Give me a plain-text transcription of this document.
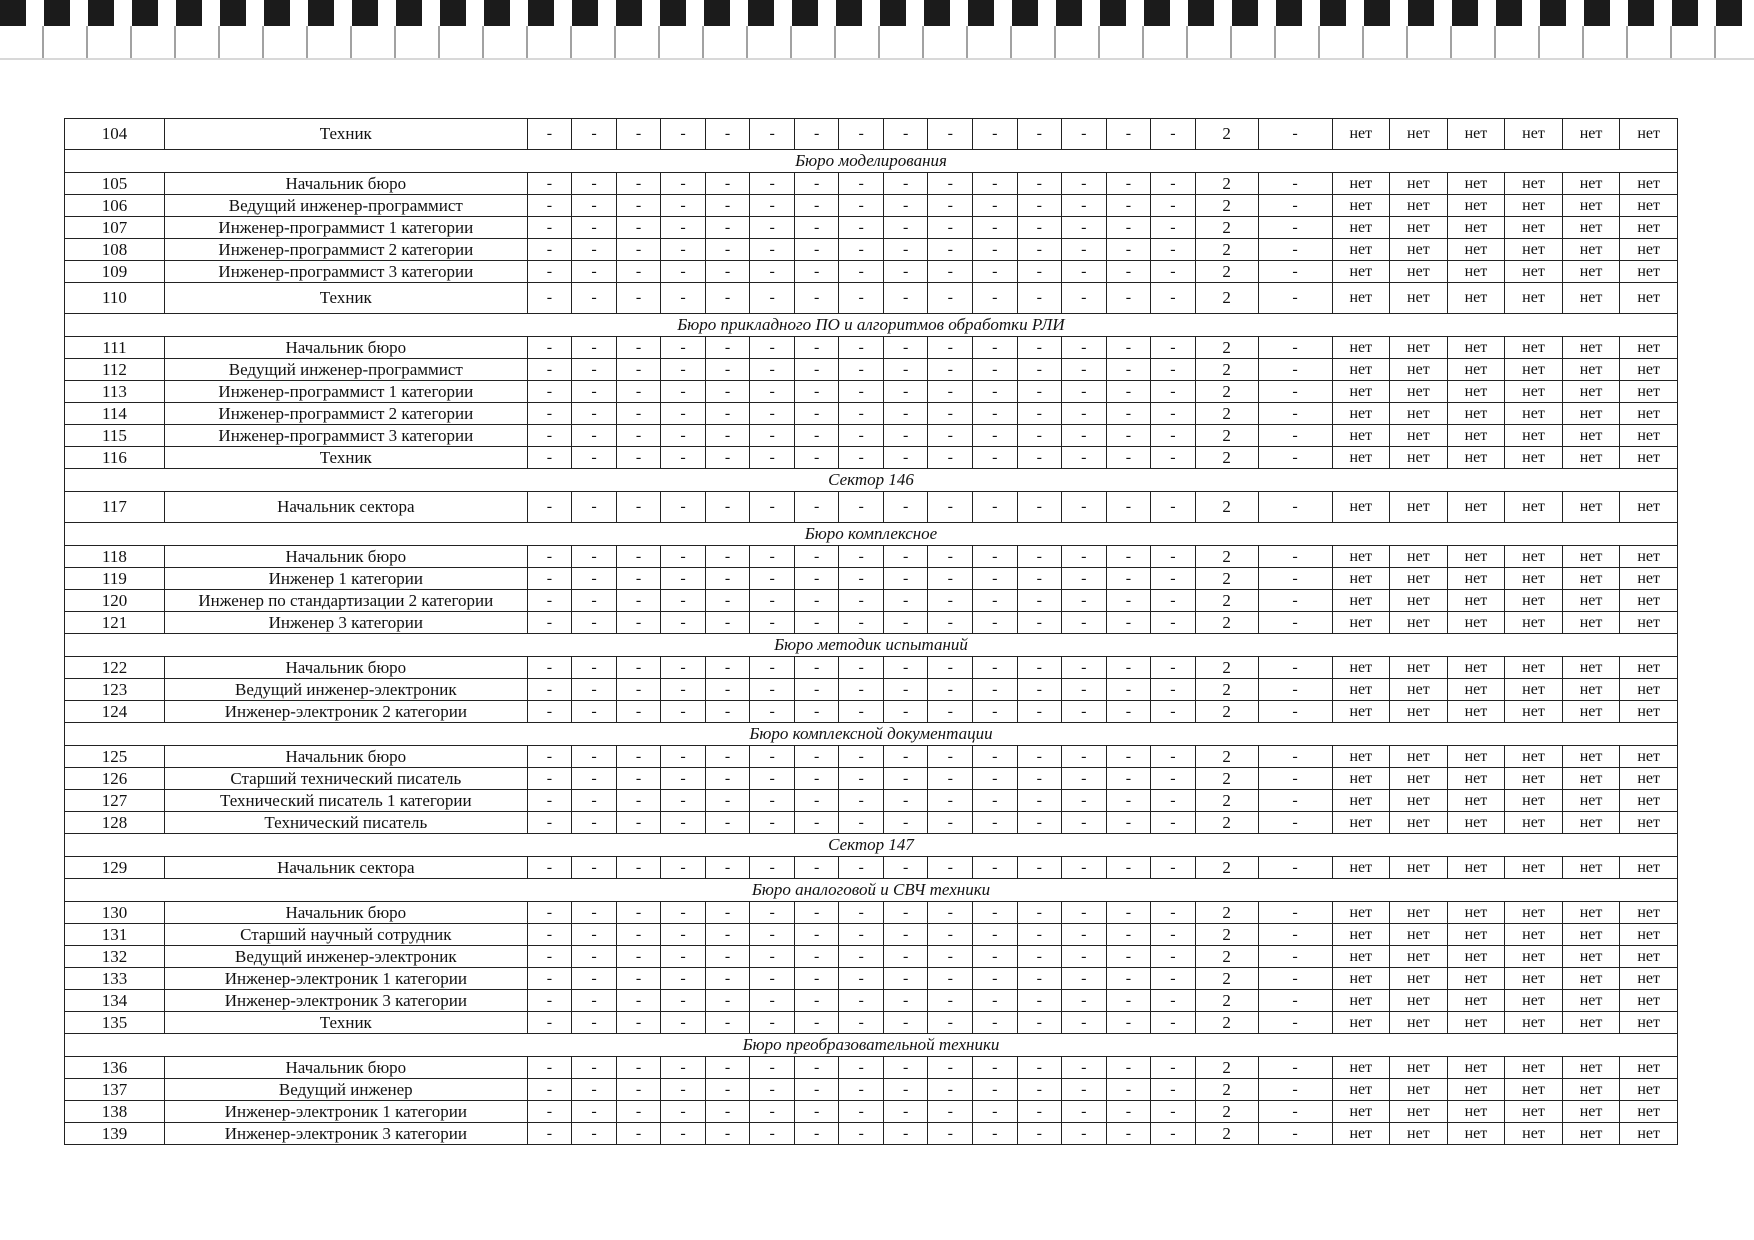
104	Техник	-	-	-	-	-	-	-	-	-	-	-	-	-	-	-	2	-	нет	нет	нет	нет	нет	нет
Бюро моделирования																								
105	Начальник бюро	-	-	-	-	-	-	-	-	-	-	-	-	-	-	-	2	-	нет	нет	нет	нет	нет	нет
106	Ведущий инженер-программист	-	-	-	-	-	-	-	-	-	-	-	-	-	-	-	2	-	нет	нет	нет	нет	нет	нет
107	Инженер-программист 1 категории	-	-	-	-	-	-	-	-	-	-	-	-	-	-	-	2	-	нет	нет	нет	нет	нет	нет
108	Инженер-программист 2 категории	-	-	-	-	-	-	-	-	-	-	-	-	-	-	-	2	-	нет	нет	нет	нет	нет	нет
109	Инженер-программист 3 категории	-	-	-	-	-	-	-	-	-	-	-	-	-	-	-	2	-	нет	нет	нет	нет	нет	нет
110	Техник	-	-	-	-	-	-	-	-	-	-	-	-	-	-	-	2	-	нет	нет	нет	нет	нет	нет
Бюро прикладного ПО и алгоритмов обработки РЛИ																								
111	Начальник бюро	-	-	-	-	-	-	-	-	-	-	-	-	-	-	-	2	-	нет	нет	нет	нет	нет	нет
112	Ведущий инженер-программист	-	-	-	-	-	-	-	-	-	-	-	-	-	-	-	2	-	нет	нет	нет	нет	нет	нет
113	Инженер-программист 1 категории	-	-	-	-	-	-	-	-	-	-	-	-	-	-	-	2	-	нет	нет	нет	нет	нет	нет
114	Инженер-программист 2 категории	-	-	-	-	-	-	-	-	-	-	-	-	-	-	-	2	-	нет	нет	нет	нет	нет	нет
115	Инженер-программист 3 категории	-	-	-	-	-	-	-	-	-	-	-	-	-	-	-	2	-	нет	нет	нет	нет	нет	нет
116	Техник	-	-	-	-	-	-	-	-	-	-	-	-	-	-	-	2	-	нет	нет	нет	нет	нет	нет
Сектор 146																								
117	Начальник сектора	-	-	-	-	-	-	-	-	-	-	-	-	-	-	-	2	-	нет	нет	нет	нет	нет	нет
Бюро комплексное																								
118	Начальник бюро	-	-	-	-	-	-	-	-	-	-	-	-	-	-	-	2	-	нет	нет	нет	нет	нет	нет
119	Инженер 1 категории	-	-	-	-	-	-	-	-	-	-	-	-	-	-	-	2	-	нет	нет	нет	нет	нет	нет
120	Инженер по стандартизации 2 категории	-	-	-	-	-	-	-	-	-	-	-	-	-	-	-	2	-	нет	нет	нет	нет	нет	нет
121	Инженер 3 категории	-	-	-	-	-	-	-	-	-	-	-	-	-	-	-	2	-	нет	нет	нет	нет	нет	нет
Бюро методик испытаний																								
122	Начальник бюро	-	-	-	-	-	-	-	-	-	-	-	-	-	-	-	2	-	нет	нет	нет	нет	нет	нет
123	Ведущий инженер-электроник	-	-	-	-	-	-	-	-	-	-	-	-	-	-	-	2	-	нет	нет	нет	нет	нет	нет
124	Инженер-электроник 2 категории	-	-	-	-	-	-	-	-	-	-	-	-	-	-	-	2	-	нет	нет	нет	нет	нет	нет
Бюро комплексной документации																								
125	Начальник бюро	-	-	-	-	-	-	-	-	-	-	-	-	-	-	-	2	-	нет	нет	нет	нет	нет	нет
126	Старший технический писатель	-	-	-	-	-	-	-	-	-	-	-	-	-	-	-	2	-	нет	нет	нет	нет	нет	нет
127	Технический писатель 1 категории	-	-	-	-	-	-	-	-	-	-	-	-	-	-	-	2	-	нет	нет	нет	нет	нет	нет
128	Технический писатель	-	-	-	-	-	-	-	-	-	-	-	-	-	-	-	2	-	нет	нет	нет	нет	нет	нет
Сектор 147																								
129	Начальник сектора	-	-	-	-	-	-	-	-	-	-	-	-	-	-	-	2	-	нет	нет	нет	нет	нет	нет
Бюро аналоговой и СВЧ техники																								
130	Начальник бюро	-	-	-	-	-	-	-	-	-	-	-	-	-	-	-	2	-	нет	нет	нет	нет	нет	нет
131	Старший научный сотрудник	-	-	-	-	-	-	-	-	-	-	-	-	-	-	-	2	-	нет	нет	нет	нет	нет	нет
132	Ведущий инженер-электроник	-	-	-	-	-	-	-	-	-	-	-	-	-	-	-	2	-	нет	нет	нет	нет	нет	нет
133	Инженер-электроник 1 категории	-	-	-	-	-	-	-	-	-	-	-	-	-	-	-	2	-	нет	нет	нет	нет	нет	нет
134	Инженер-электроник 3 категории	-	-	-	-	-	-	-	-	-	-	-	-	-	-	-	2	-	нет	нет	нет	нет	нет	нет
135	Техник	-	-	-	-	-	-	-	-	-	-	-	-	-	-	-	2	-	нет	нет	нет	нет	нет	нет
Бюро преобразовательной техники																								
136	Начальник бюро	-	-	-	-	-	-	-	-	-	-	-	-	-	-	-	2	-	нет	нет	нет	нет	нет	нет
137	Ведущий инженер	-	-	-	-	-	-	-	-	-	-	-	-	-	-	-	2	-	нет	нет	нет	нет	нет	нет
138	Инженер-электроник 1 категории	-	-	-	-	-	-	-	-	-	-	-	-	-	-	-	2	-	нет	нет	нет	нет	нет	нет
139	Инженер-электроник 3 категории	-	-	-	-	-	-	-	-	-	-	-	-	-	-	-	2	-	нет	нет	нет	нет	нет	нет
